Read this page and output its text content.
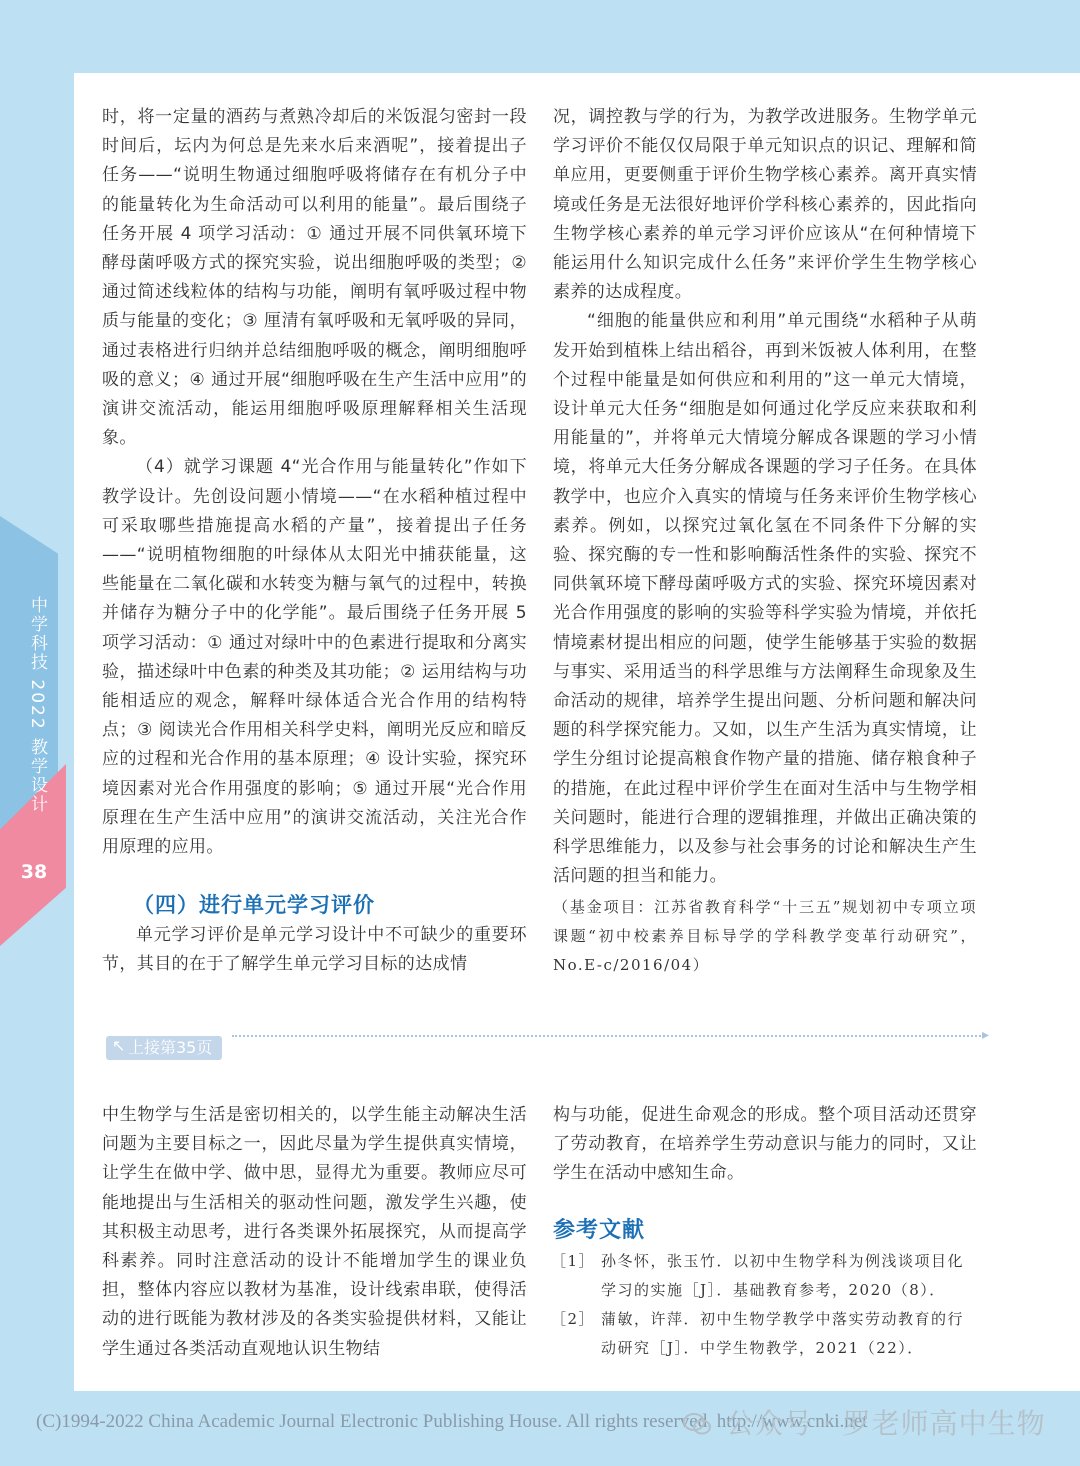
中学科技 2022 教学设计
38

时，将一定量的酒药与煮熟冷却后的米饭混匀密封一段时间后，坛内为何总是先来水后来酒呢”，接着提出子任务——“说明生物通过细胞呼吸将储存在有机分子中的能量转化为生命活动可以利用的能量”。最后围绕子任务开展 4 项学习活动：① 通过开展不同供氧环境下酵母菌呼吸方式的探究实验，说出细胞呼吸的类型；② 通过简述线粒体的结构与功能，阐明有氧呼吸过程中物质与能量的变化；③ 厘清有氧呼吸和无氧呼吸的异同，通过表格进行归纳并总结细胞呼吸的概念，阐明细胞呼吸的意义；④ 通过开展“细胞呼吸在生产生活中应用”的演讲交流活动，能运用细胞呼吸原理解释相关生活现象。

（4）就学习课题 4“光合作用与能量转化”作如下教学设计。先创设问题小情境——“在水稻种植过程中可采取哪些措施提高水稻的产量”，接着提出子任务——“说明植物细胞的叶绿体从太阳光中捕获能量，这些能量在二氧化碳和水转变为糖与氧气的过程中，转换并储存为糖分子中的化学能”。最后围绕子任务开展 5 项学习活动：① 通过对绿叶中的色素进行提取和分离实验，描述绿叶中色素的种类及其功能；② 运用结构与功能相适应的观念，解释叶绿体适合光合作用的结构特点；③ 阅读光合作用相关科学史料，阐明光反应和暗反应的过程和光合作用的基本原理；④ 设计实验，探究环境因素对光合作用强度的影响；⑤ 通过开展“光合作用原理在生产生活中应用”的演讲交流活动，关注光合作用原理的应用。

（四）进行单元学习评价

单元学习评价是单元学习设计中不可缺少的重要环节，其目的在于了解学生单元学习目标的达成情

况，调控教与学的行为，为教学改进服务。生物学单元学习评价不能仅仅局限于单元知识点的识记、理解和简单应用，更要侧重于评价生物学核心素养。离开真实情境或任务是无法很好地评价学科核心素养的，因此指向生物学核心素养的单元学习评价应该从“在何种情境下能运用什么知识完成什么任务”来评价学生生物学核心素养的达成程度。

“细胞的能量供应和利用”单元围绕“水稻种子从萌发开始到植株上结出稻谷，再到米饭被人体利用，在整个过程中能量是如何供应和利用的”这一单元大情境，设计单元大任务“细胞是如何通过化学反应来获取和利用能量的”，并将单元大情境分解成各课题的学习小情境，将单元大任务分解成各课题的学习子任务。在具体教学中，也应介入真实的情境与任务来评价生物学核心素养。例如，以探究过氧化氢在不同条件下分解的实验、探究酶的专一性和影响酶活性条件的实验、探究不同供氧环境下酵母菌呼吸方式的实验、探究环境因素对光合作用强度的影响的实验等科学实验为情境，并依托情境素材提出相应的问题，使学生能够基于实验的数据与事实、采用适当的科学思维与方法阐释生命现象及生命活动的规律，培养学生提出问题、分析问题和解决问题的科学探究能力。又如，以生产生活为真实情境，让学生分组讨论提高粮食作物产量的措施、储存粮食种子的措施，在此过程中评价学生在面对生活中与生物学相关问题时，能进行合理的逻辑推理，并做出正确决策的科学思维能力，以及参与社会事务的讨论和解决生产生活问题的担当和能力。

（基金项目：江苏省教育科学“十三五”规划初中专项立项课题“初中校素养目标导学的学科教学变革行动研究”，No.E-c/2016/04）
↖ 上接第35页
▸

中生物学与生活是密切相关的，以学生能主动解决生活问题为主要目标之一，因此尽量为学生提供真实情境，让学生在做中学、做中思，显得尤为重要。教师应尽可能地提出与生活相关的驱动性问题，激发学生兴趣，使其积极主动思考，进行各类课外拓展探究，从而提高学科素养。同时注意活动的设计不能增加学生的课业负担，整体内容应以教材为基准，设计线索串联，使得活动的进行既能为教材涉及的各类实验提供材料，又能让学生通过各类活动直观地认识生物结

构与功能，促进生命观念的形成。整个项目活动还贯穿了劳动教育，在培养学生劳动意识与能力的同时，又让学生在活动中感知生命。

参考文献
［1］ 孙冬怀，张玉竹．以初中生物学科为例浅谈项目化学习的实施［J］．基础教育参考，2020（8）．
［2］ 蒲敏，许萍．初中生物学教学中落实劳动教育的行动研究［J］．中学生物教学，2021（22）．
(C)1994-2022 China Academic Journal Electronic Publishing House. All rights reserved. http://www.cnki.net
公众号 · 罗老师高中生物
